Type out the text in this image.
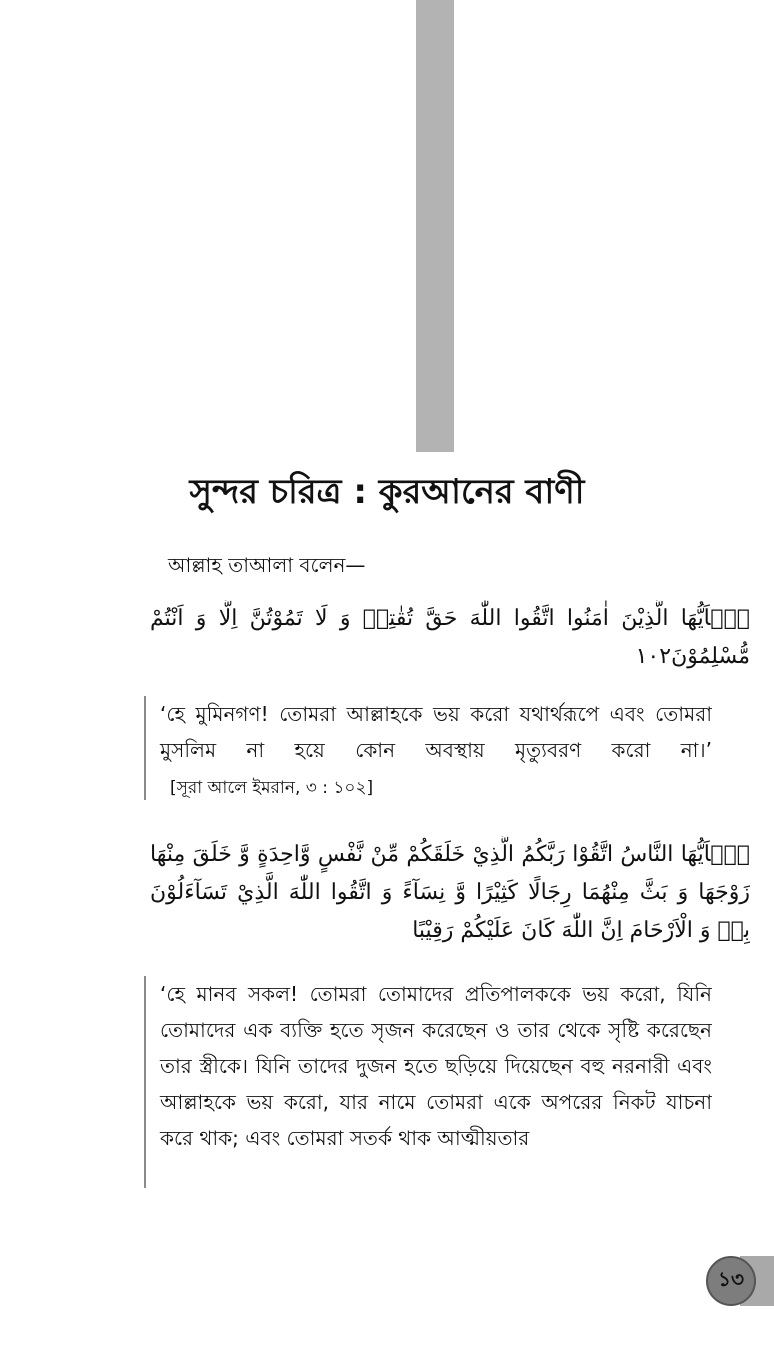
সুন্দর চরিত্র : কুরআনের বাণী
আল্লাহ তাআলা বলেন—
يٰۤاَيُّهَا الَّذِيْنَ اٰمَنُوا اتَّقُوا اللّٰهَ حَقَّ تُقٰتِهٖ وَ لَا تَمُوْتُنَّ اِلَّا وَ اَنْتُمْ مُّسْلِمُوْنَ۱۰۲
‘হে মুমিনগণ! তোমরা আল্লাহকে ভয় করো যথার্থরূপে এবং তোমরা মুসলিম না হয়ে কোন অবস্থায় মৃত্যুবরণ করো না।’ [সূরা আলে ইমরান, ৩ : ১০২]
يٰۤاَيُّهَا النَّاسُ اتَّقُوْا رَبَّكُمُ الَّذِيْ خَلَقَكُمْ مِّنْ نَّفْسٍ وَّاحِدَةٍ وَّ خَلَقَ مِنْهَا زَوْجَهَا وَ بَثَّ مِنْهُمَا رِجَالًا كَثِيْرًا وَّ نِسَآءً وَ اتَّقُوا اللّٰهَ الَّذِيْ تَسَآءَلُوْنَ بِهٖ وَ الْاَرْحَامَ اِنَّ اللّٰهَ كَانَ عَلَيْكُمْ رَقِيْبًا
‘হে মানব সকল! তোমরা তোমাদের প্রতিপালককে ভয় করো, যিনি তোমাদের এক ব্যক্তি হতে সৃজন করেছেন ও তার থেকে সৃষ্টি করেছেন তার স্ত্রীকে। যিনি তাদের দুজন হতে ছড়িয়ে দিয়েছেন বহু নরনারী এবং আল্লাহকে ভয় করো, যার নামে তোমরা একে অপরের নিকট যাচনা করে থাক; এবং তোমরা সতর্ক থাক আত্মীয়তার
১৩
